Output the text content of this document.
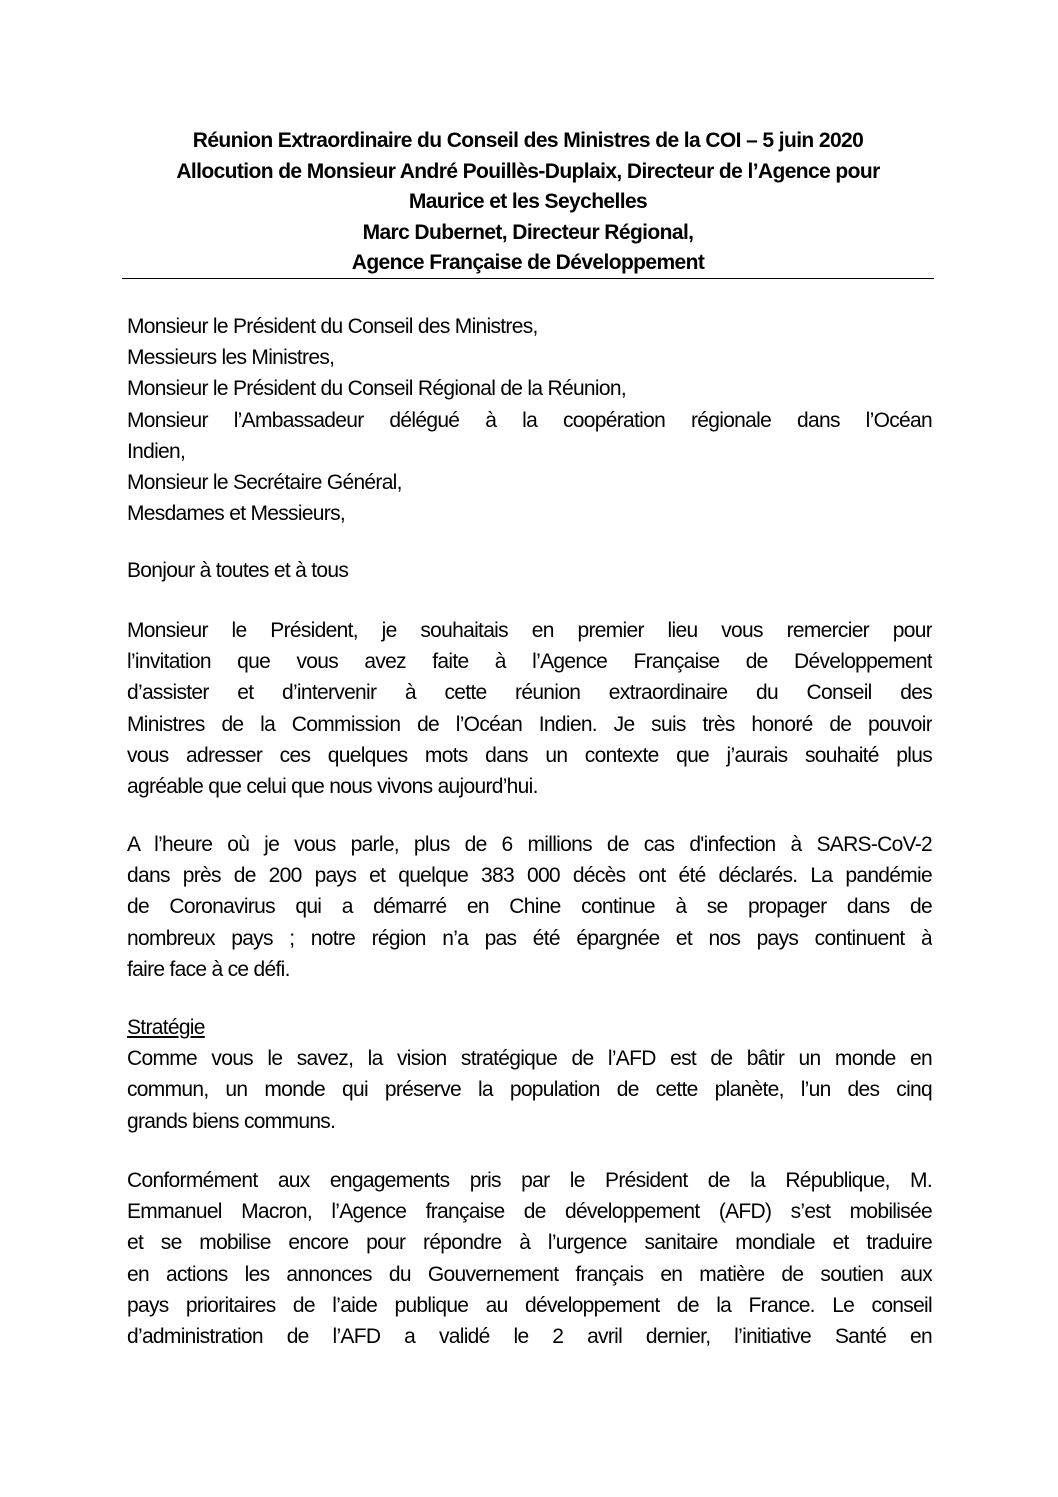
Réunion Extraordinaire du Conseil des Ministres de la COI – 5 juin 2020
Allocution de Monsieur André Pouillès-Duplaix, Directeur de l’Agence pour
Maurice et les Seychelles
Marc Dubernet, Directeur Régional,
Agence Française de Développement
Monsieur le Président du Conseil des Ministres,
Messieurs les Ministres,
Monsieur le Président du Conseil Régional de la Réunion,
Monsieur l’Ambassadeur délégué à la coopération régionale dans l’Océan
Indien,
Monsieur le Secrétaire Général,
Mesdames et Messieurs,
Bonjour à toutes et à tous
Monsieur le Président, je souhaitais en premier lieu vous remercier pour
l’invitation que vous avez faite à l’Agence Française de Développement
d’assister et d’intervenir à cette réunion extraordinaire du Conseil des
Ministres de la Commission de l’Océan Indien. Je suis très honoré de pouvoir
vous adresser ces quelques mots dans un contexte que j’aurais souhaité plus
agréable que celui que nous vivons aujourd’hui.
A l’heure où je vous parle, plus de 6 millions de cas d'infection à SARS-CoV-2
dans près de 200 pays et quelque 383 000 décès ont été déclarés. La pandémie
de Coronavirus qui a démarré en Chine continue à se propager dans de
nombreux pays ; notre région n’a pas été épargnée et nos pays continuent à
faire face à ce défi.
Stratégie
Comme vous le savez, la vision stratégique de l’AFD est de bâtir un monde en
commun, un monde qui préserve la population de cette planète, l’un des cinq
grands biens communs.
Conformément aux engagements pris par le Président de la République, M.
Emmanuel Macron, l’Agence française de développement (AFD) s’est mobilisée
et se mobilise encore pour répondre à l’urgence sanitaire mondiale et traduire
en actions les annonces du Gouvernement français en matière de soutien aux
pays prioritaires de l’aide publique au développement de la France. Le conseil
d’administration de l’AFD a validé le 2 avril dernier, l’initiative Santé en
